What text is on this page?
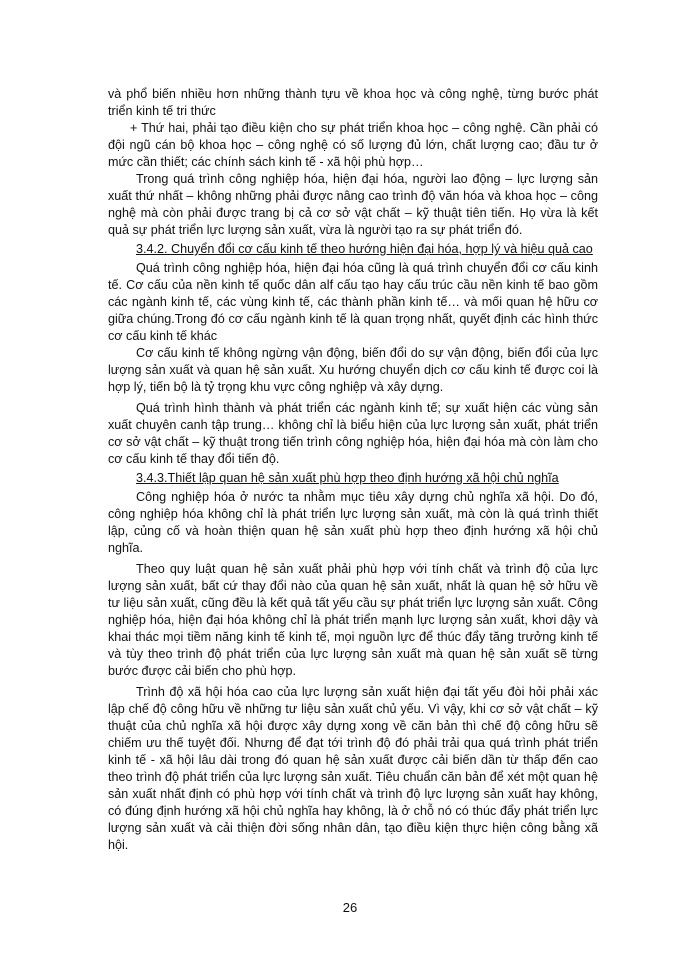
và phổ biến nhiều hơn những thành tựu về khoa học và công nghệ, từng bước phát triển kinh tế tri thức

+ Thứ hai, phải tạo điều kiện cho sự phát triển khoa học – công nghệ. Cần phải có đội ngũ cán bộ khoa học – công nghệ có số lượng đủ lớn, chất lượng cao; đầu tư ở mức cần thiết; các chính sách kinh tế - xã hội phù hợp…

Trong quá trình công nghiệp hóa, hiện đại hóa, người lao động – lực lượng sản xuất thứ nhất – không những phải được nâng cao trình độ văn hóa và khoa học – công nghệ mà còn phải được trang bị cả cơ sở vật chất – kỹ thuật tiên tiến. Họ vừa là kết quả sự phát triển lực lượng sản xuất, vừa là người tạo ra sự phát triển đó.

3.4.2. Chuyển đổi cơ cấu kinh tế theo hướng hiện đại hóa, hợp lý và hiệu quả cao

Quá trình công nghiệp hóa, hiện đại hóa cũng là quá trình chuyển đổi cơ cấu kinh tế. Cơ cấu của nền kinh tế quốc dân alf cấu tạo hay cấu trúc cầu nền kinh tế bao gồm các ngành kinh tế, các vùng kinh tế, các thành phần kinh tế… và mối quan hệ hữu cơ giữa chúng.Trong đó cơ cấu ngành kinh tế là quan trọng nhất, quyết định các hình thức cơ cấu kinh tế khác

Cơ cấu kinh tế không ngừng vận động, biến đổi do sự vận động, biến đổi của lực lượng sản xuất và quan hệ sản xuất. Xu hướng chuyển dịch cơ cấu kinh tế được coi là hợp lý, tiến bộ là tỷ trọng khu vực công nghiệp và xây dựng.

Quá trình hình thành và phát triển các ngành kinh tế; sự xuất hiện các vùng sản xuất chuyên canh tập trung… không chỉ là biểu hiện của lực lượng sản xuất, phát triển cơ sở vật chất – kỹ thuật trong tiến trình công nghiệp hóa, hiện đại hóa mà còn làm cho cơ cấu kinh tế thay đổi tiến độ.

3.4.3.Thiết lập quan hệ sản xuất phù hợp theo định hướng xã hội chủ nghĩa

Công nghiệp hóa ở nước ta nhằm mục tiêu xây dựng chủ nghĩa xã hội. Do đó, công nghiệp hóa không chỉ là phát triển lực lượng sản xuất, mà còn là quá trình thiết lập, củng cố và hoàn thiện quan hệ sản xuất phù hợp theo định hướng xã hội chủ nghĩa.

Theo quy luật quan hệ sản xuất phải phù hợp với tính chất và trình độ của lực lượng sản xuất, bất cứ thay đổi nào của quan hệ sản xuất, nhất là quan hệ sở hữu về tư liệu sản xuất, cũng đều là kết quả tất yếu cầu sự phát triển lực lượng sản xuất. Công nghiệp hóa, hiện đại hóa không chỉ là phát triển mạnh lực lượng sản xuất, khơi dậy và khai thác mọi tiềm năng kinh tế kinh tế, mọi nguồn lực để thúc đẩy tăng trưởng kinh tế và tùy theo trình độ phát triển của lực lượng sản xuất mà quan hệ sản xuất sẽ từng bước được cải biến cho phù hợp.

Trình độ xã hội hóa cao của lực lượng sản xuất hiện đại tất yếu đòi hỏi phải xác lập chế độ công hữu về những tư liệu sản xuất chủ yếu. Vì vậy, khi cơ sở vật chất – kỹ thuật của chủ nghĩa xã hội được xây dựng xong về căn bản thì chế độ công hữu sẽ chiếm ưu thế tuyệt đối. Nhưng để đạt tới trình độ đó phải trải qua quá trình phát triển kinh tế - xã hội lâu dài trong đó quan hệ sản xuất được cải biến dần từ thấp đến cao theo trình độ phát triển của lực lượng sản xuất. Tiêu chuẩn căn bản để xét một quan hệ sản xuất nhất định có phù hợp với tính chất và trình độ lực lượng sản xuất hay không, có đúng định hướng xã hội chủ nghĩa hay không, là ở chỗ nó có thúc đẩy phát triển lực lượng sản xuất và cải thiện đời sống nhân dân, tạo điều kiện thực hiện công bằng xã hội.

26
